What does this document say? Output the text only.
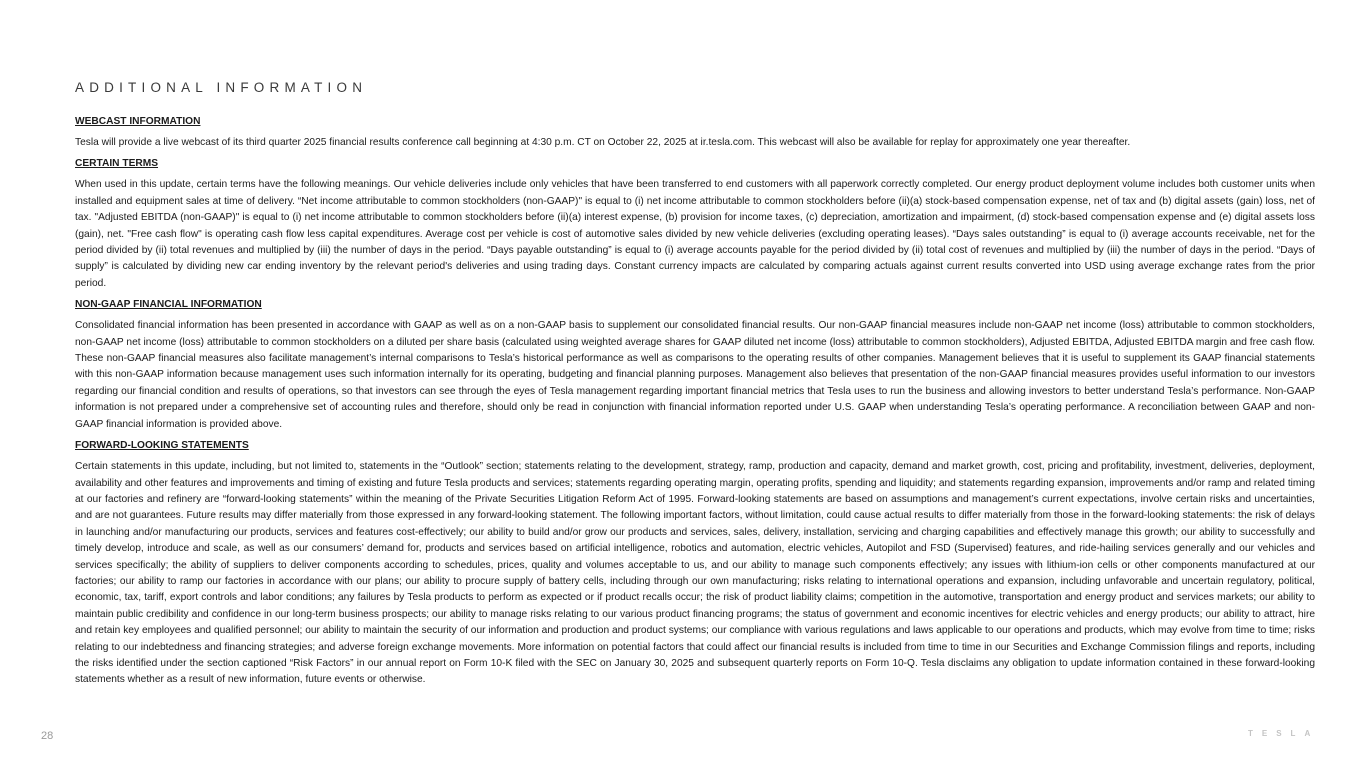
ADDITIONAL INFORMATION
WEBCAST INFORMATION
Tesla will provide a live webcast of its third quarter 2025 financial results conference call beginning at 4:30 p.m. CT on October 22, 2025 at ir.tesla.com. This webcast will also be available for replay for approximately one year thereafter.
CERTAIN TERMS
When used in this update, certain terms have the following meanings. Our vehicle deliveries include only vehicles that have been transferred to end customers with all paperwork correctly completed. Our energy product deployment volume includes both customer units when installed and equipment sales at time of delivery. “Net income attributable to common stockholders (non-GAAP)" is equal to (i) net income attributable to common stockholders before (ii)(a) stock-based compensation expense, net of tax and (b) digital assets (gain) loss, net of tax. "Adjusted EBITDA (non-GAAP)" is equal to (i) net income attributable to common stockholders before (ii)(a) interest expense, (b) provision for income taxes, (c) depreciation, amortization and impairment, (d) stock-based compensation expense and (e) digital assets loss (gain), net. "Free cash flow" is operating cash flow less capital expenditures. Average cost per vehicle is cost of automotive sales divided by new vehicle deliveries (excluding operating leases). “Days sales outstanding” is equal to (i) average accounts receivable, net for the period divided by (ii) total revenues and multiplied by (iii) the number of days in the period. “Days payable outstanding” is equal to (i) average accounts payable for the period divided by (ii) total cost of revenues and multiplied by (iii) the number of days in the period. “Days of supply” is calculated by dividing new car ending inventory by the relevant period's deliveries and using trading days. Constant currency impacts are calculated by comparing actuals against current results converted into USD using average exchange rates from the prior period.
NON-GAAP FINANCIAL INFORMATION
Consolidated financial information has been presented in accordance with GAAP as well as on a non-GAAP basis to supplement our consolidated financial results. Our non-GAAP financial measures include non-GAAP net income (loss) attributable to common stockholders, non-GAAP net income (loss) attributable to common stockholders on a diluted per share basis (calculated using weighted average shares for GAAP diluted net income (loss) attributable to common stockholders), Adjusted EBITDA, Adjusted EBITDA margin and free cash flow. These non-GAAP financial measures also facilitate management’s internal comparisons to Tesla’s historical performance as well as comparisons to the operating results of other companies. Management believes that it is useful to supplement its GAAP financial statements with this non-GAAP information because management uses such information internally for its operating, budgeting and financial planning purposes. Management also believes that presentation of the non-GAAP financial measures provides useful information to our investors regarding our financial condition and results of operations, so that investors can see through the eyes of Tesla management regarding important financial metrics that Tesla uses to run the business and allowing investors to better understand Tesla’s performance. Non-GAAP information is not prepared under a comprehensive set of accounting rules and therefore, should only be read in conjunction with financial information reported under U.S. GAAP when understanding Tesla’s operating performance. A reconciliation between GAAP and non-GAAP financial information is provided above.
FORWARD-LOOKING STATEMENTS
Certain statements in this update, including, but not limited to, statements in the “Outlook” section; statements relating to the development, strategy, ramp, production and capacity, demand and market growth, cost, pricing and profitability, investment, deliveries, deployment, availability and other features and improvements and timing of existing and future Tesla products and services; statements regarding operating margin, operating profits, spending and liquidity; and statements regarding expansion, improvements and/or ramp and related timing at our factories and refinery are “forward-looking statements” within the meaning of the Private Securities Litigation Reform Act of 1995. Forward-looking statements are based on assumptions and management’s current expectations, involve certain risks and uncertainties, and are not guarantees. Future results may differ materially from those expressed in any forward-looking statement. The following important factors, without limitation, could cause actual results to differ materially from those in the forward-looking statements: the risk of delays in launching and/or manufacturing our products, services and features cost-effectively; our ability to build and/or grow our products and services, sales, delivery, installation, servicing and charging capabilities and effectively manage this growth; our ability to successfully and timely develop, introduce and scale, as well as our consumers’ demand for, products and services based on artificial intelligence, robotics and automation, electric vehicles, Autopilot and FSD (Supervised) features, and ride-hailing services generally and our vehicles and services specifically; the ability of suppliers to deliver components according to schedules, prices, quality and volumes acceptable to us, and our ability to manage such components effectively; any issues with lithium-ion cells or other components manufactured at our factories; our ability to ramp our factories in accordance with our plans; our ability to procure supply of battery cells, including through our own manufacturing; risks relating to international operations and expansion, including unfavorable and uncertain regulatory, political, economic, tax, tariff, export controls and labor conditions; any failures by Tesla products to perform as expected or if product recalls occur; the risk of product liability claims; competition in the automotive, transportation and energy product and services markets; our ability to maintain public credibility and confidence in our long-term business prospects; our ability to manage risks relating to our various product financing programs; the status of government and economic incentives for electric vehicles and energy products; our ability to attract, hire and retain key employees and qualified personnel; our ability to maintain the security of our information and production and product systems; our compliance with various regulations and laws applicable to our operations and products, which may evolve from time to time; risks relating to our indebtedness and financing strategies; and adverse foreign exchange movements. More information on potential factors that could affect our financial results is included from time to time in our Securities and Exchange Commission filings and reports, including the risks identified under the section captioned “Risk Factors” in our annual report on Form 10-K filed with the SEC on January 30, 2025 and subsequent quarterly reports on Form 10-Q. Tesla disclaims any obligation to update information contained in these forward-looking statements whether as a result of new information, future events or otherwise.
28	TESLA
